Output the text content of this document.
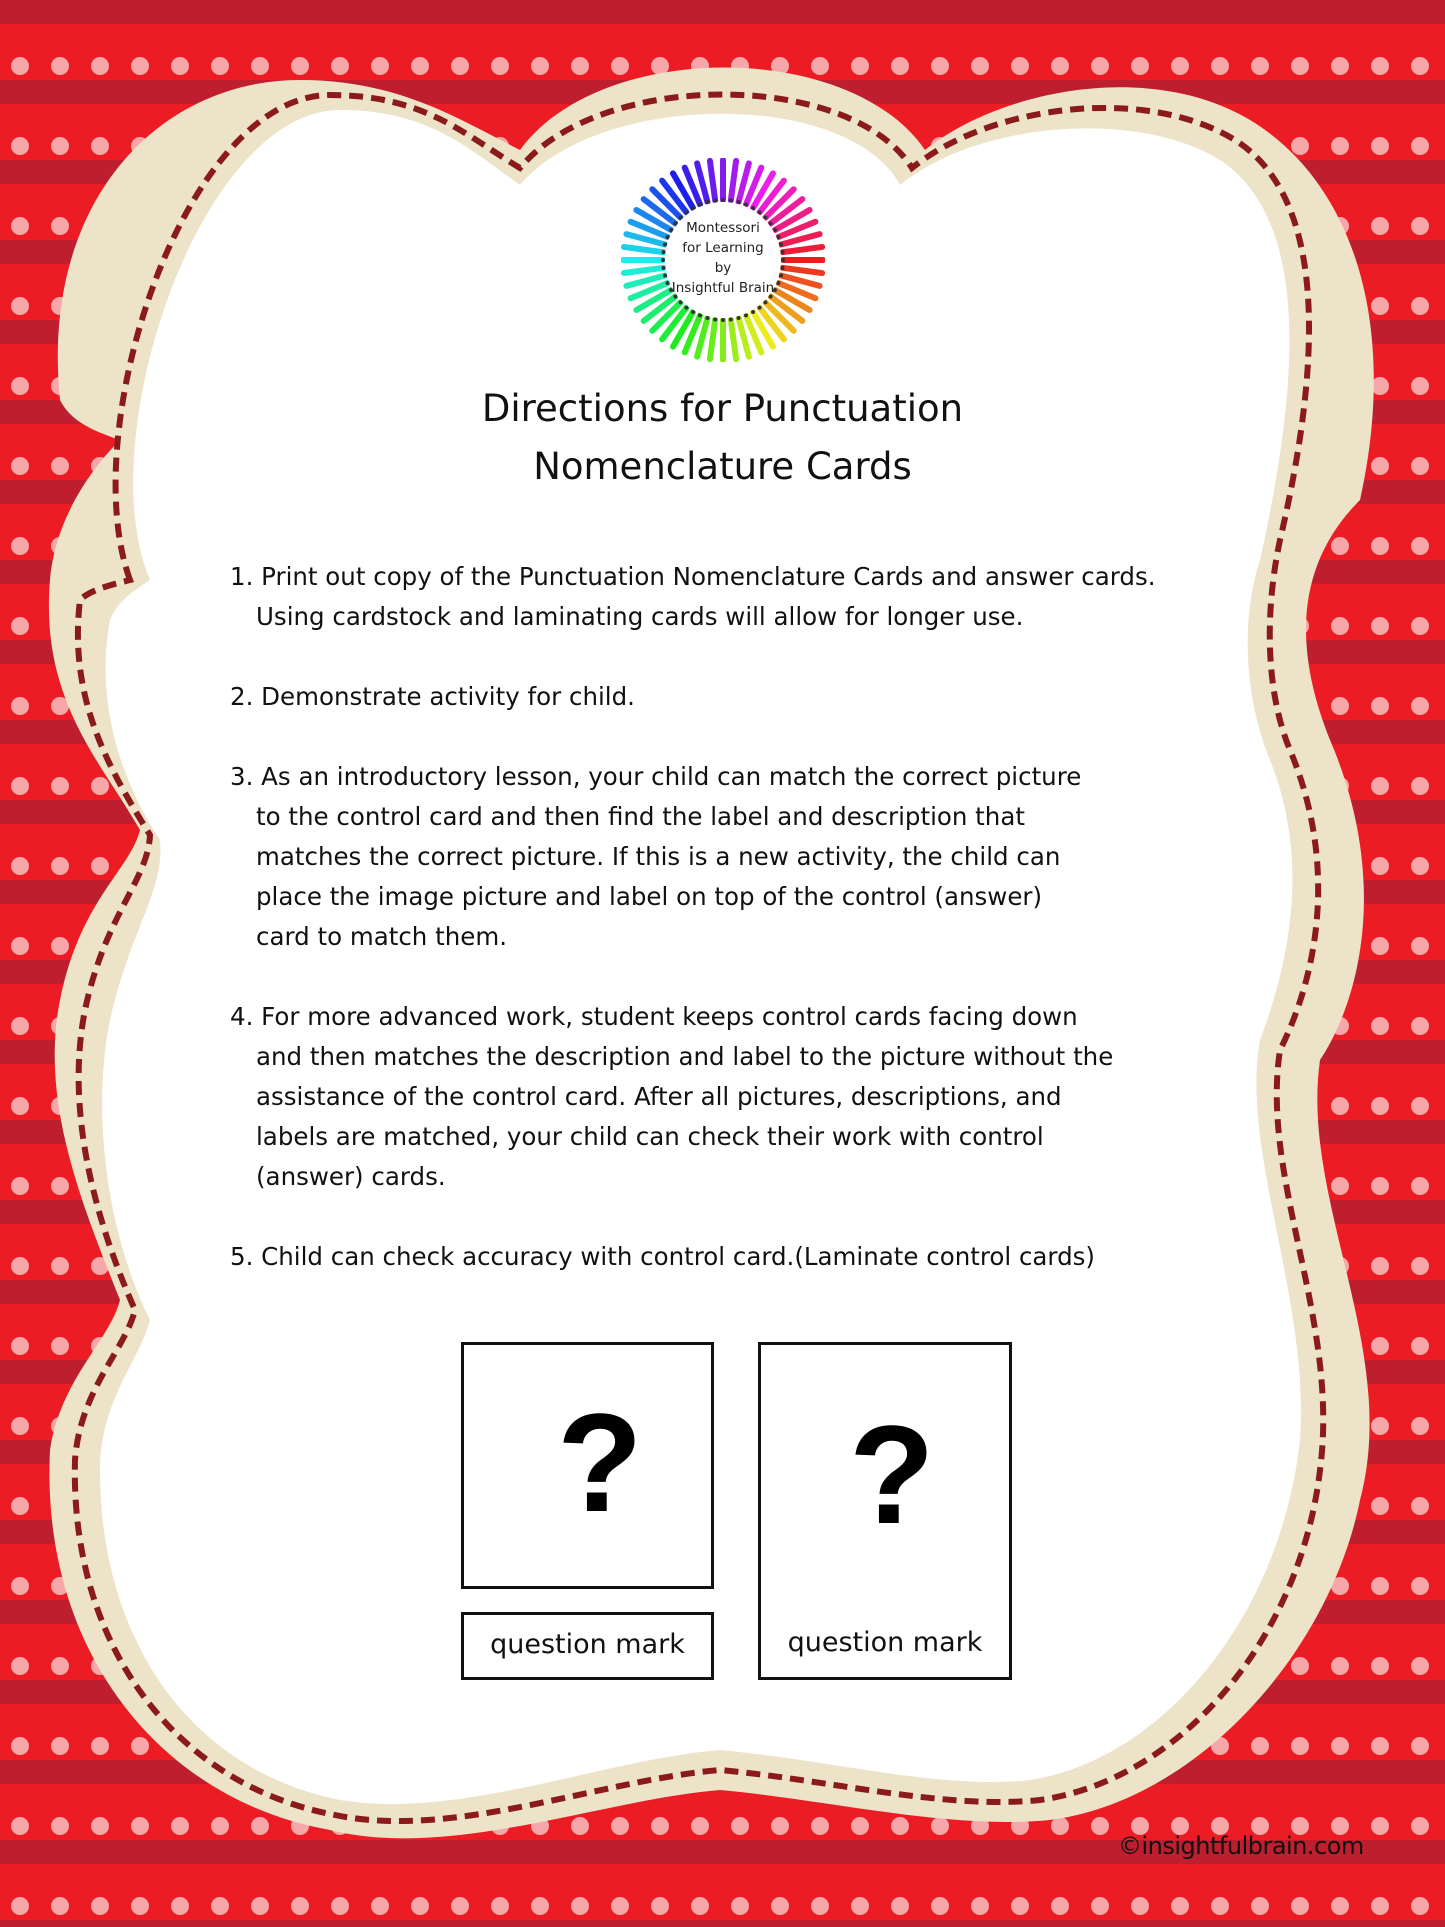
Montessori
for Learning
by
Insightful Brain
Directions for Punctuation
Nomenclature Cards

1. Print out copy of the Punctuation Nomenclature Cards and answer cards. Using cardstock and laminating cards will allow for longer use.

2. Demonstrate activity for child.

3. As an introductory lesson, your child can match the correct picture to the control card and then find the label and description that matches the correct picture. If this is a new activity, the child can place the image picture and label on top of the control (answer) card to match them.

4. For more advanced work, student keeps control cards facing down and then matches the description and label to the picture without the assistance of the control card. After all pictures, descriptions, and labels are matched, your child can check their work with control (answer) cards.

5. Child can check accuracy with control card.(Laminate control cards)

?
question mark
?
question mark
©insightfulbrain.com
